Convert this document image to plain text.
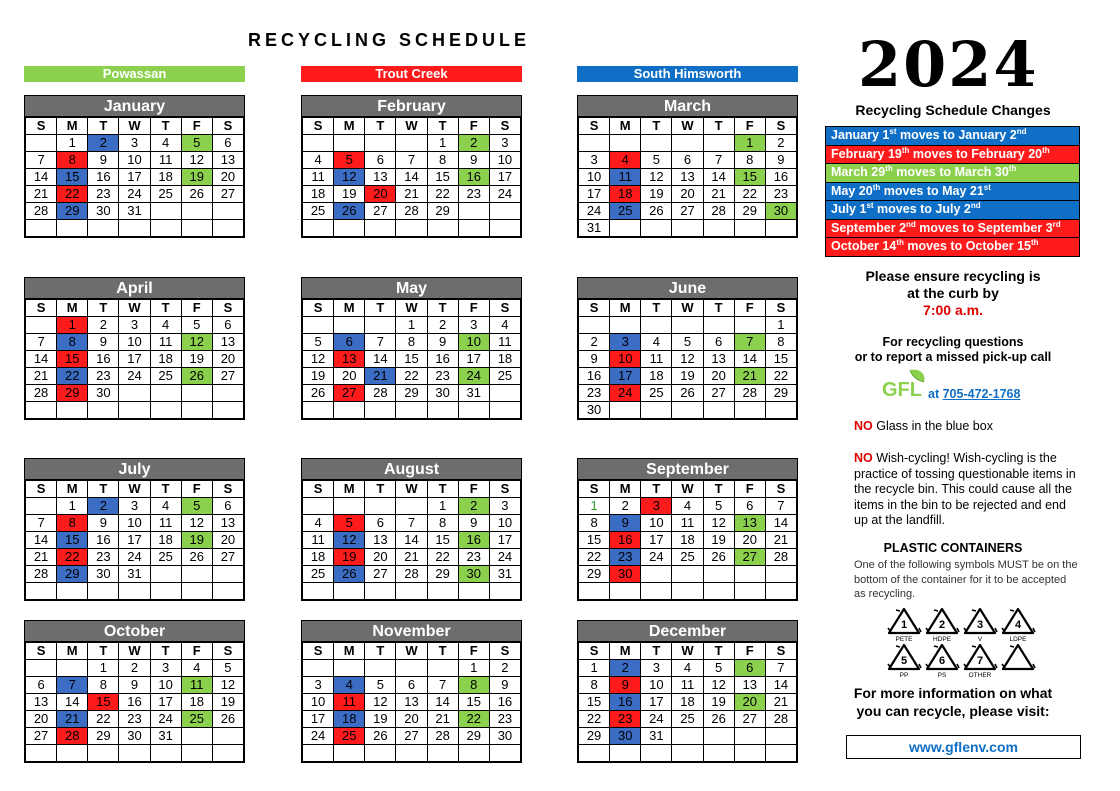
RECYCLING SCHEDULE
Powassan	Trout Creek	South Himsworth
January
S	M	T	W	T	F	S
	1	2	3	4	5	6
7	8	9	10	11	12	13
14	15	16	17	18	19	20
21	22	23	24	25	26	27
28	29	30	31			

February
S	M	T	W	T	F	S
				1	2	3
4	5	6	7	8	9	10
11	12	13	14	15	16	17
18	19	20	21	22	23	24
25	26	27	28	29		

March
S	M	T	W	T	F	S
					1	2
3	4	5	6	7	8	9
10	11	12	13	14	15	16
17	18	19	20	21	22	23
24	25	26	27	28	29	30
31						
April
S	M	T	W	T	F	S
	1	2	3	4	5	6
7	8	9	10	11	12	13
14	15	16	17	18	19	20
21	22	23	24	25	26	27
28	29	30				

May
S	M	T	W	T	F	S
			1	2	3	4
5	6	7	8	9	10	11
12	13	14	15	16	17	18
19	20	21	22	23	24	25
26	27	28	29	30	31	

June
S	M	T	W	T	F	S
						1
2	3	4	5	6	7	8
9	10	11	12	13	14	15
16	17	18	19	20	21	22
23	24	25	26	27	28	29
30						
July
S	M	T	W	T	F	S
	1	2	3	4	5	6
7	8	9	10	11	12	13
14	15	16	17	18	19	20
21	22	23	24	25	26	27
28	29	30	31			

August
S	M	T	W	T	F	S
				1	2	3
4	5	6	7	8	9	10
11	12	13	14	15	16	17
18	19	20	21	22	23	24
25	26	27	28	29	30	31

September
S	M	T	W	T	F	S
1	2	3	4	5	6	7
8	9	10	11	12	13	14
15	16	17	18	19	20	21
22	23	24	25	26	27	28
29	30					

October
S	M	T	W	T	F	S
		1	2	3	4	5
6	7	8	9	10	11	12
13	14	15	16	17	18	19
20	21	22	23	24	25	26
27	28	29	30	31		

November
S	M	T	W	T	F	S
					1	2
3	4	5	6	7	8	9
10	11	12	13	14	15	16
17	18	19	20	21	22	23
24	25	26	27	28	29	30

December
S	M	T	W	T	F	S
1	2	3	4	5	6	7
8	9	10	11	12	13	14
15	16	17	18	19	20	21
22	23	24	25	26	27	28
29	30	31				

2024
Recycling Schedule Changes
January 1st moves to January 2nd
February 19th moves to February 20th
March 29th moves to March 30th
May 20th moves to May 21st
July 1st moves to July 2nd
September 2nd moves to September 3rd
October 14th moves to October 15th
Please ensure recycling is
at the curb by
7:00 a.m.
For recycling questions
or to report a missed pick-up call
GFL at 705-472-1768
NO Glass in the blue box
NO Wish-cycling! Wish-cycling is the practice of tossing questionable items in the recycle bin. This could cause all the items in the bin to be rejected and end up at the landfill.
PLASTIC CONTAINERS
One of the following symbols MUST be on the bottom of the container for it to be accepted as recycling.
1
PETE
2
HDPE
3
V
4
LDPE
5
PP
6
PS
7
OTHER
For more information on what
you can recycle, please visit:
www.gflenv.com
